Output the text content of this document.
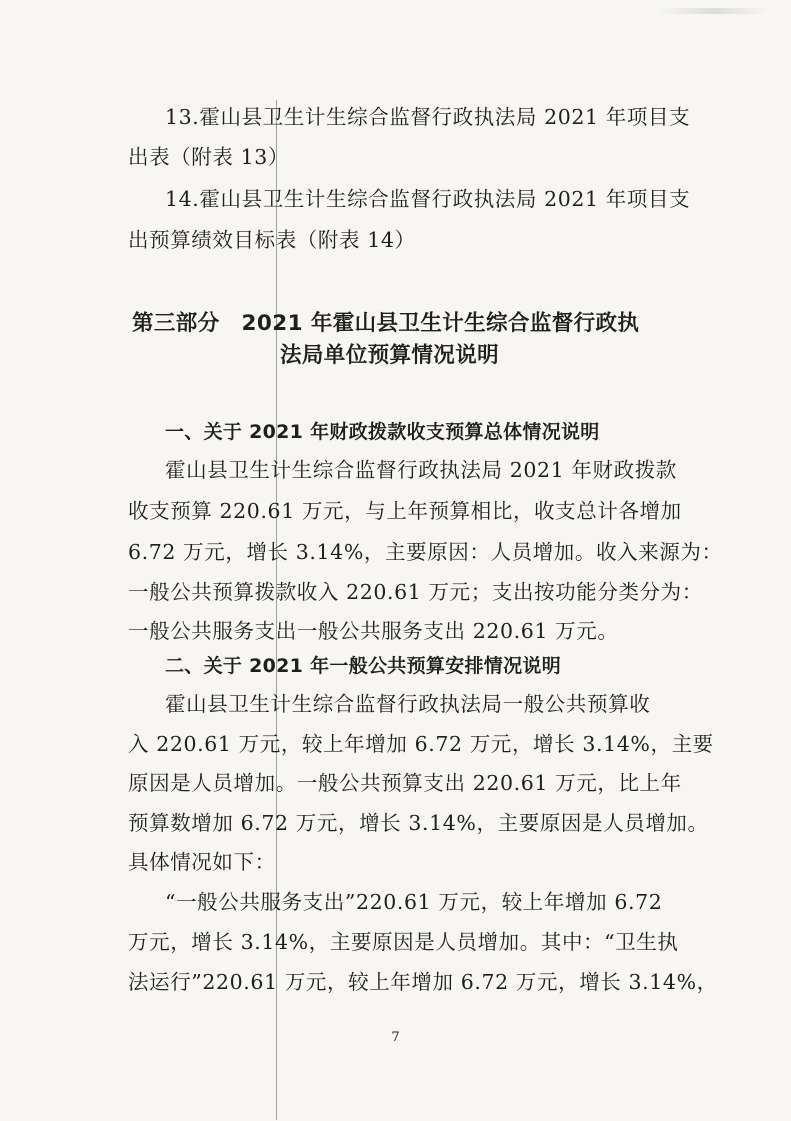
13.霍山县卫生计生综合监督行政执法局 2021 年项目支
出表（附表 13）
14.霍山县卫生计生综合监督行政执法局 2021 年项目支
出预算绩效目标表（附表 14）
第三部分　2021 年霍山县卫生计生综合监督行政执
法局单位预算情况说明
一、关于 2021 年财政拨款收支预算总体情况说明
霍山县卫生计生综合监督行政执法局 2021 年财政拨款
收支预算 220.61 万元，与上年预算相比，收支总计各增加
6.72 万元，增长 3.14%，主要原因：人员增加。收入来源为：
一般公共预算拨款收入 220.61 万元；支出按功能分类分为：
一般公共服务支出一般公共服务支出 220.61 万元。
二、关于 2021 年一般公共预算安排情况说明
霍山县卫生计生综合监督行政执法局一般公共预算收
入 220.61 万元，较上年增加 6.72 万元，增长 3.14%，主要
原因是人员增加。一般公共预算支出 220.61 万元，比上年
预算数增加 6.72 万元，增长 3.14%，主要原因是人员增加。
具体情况如下：
“一般公共服务支出”220.61 万元，较上年增加 6.72
万元，增长 3.14%，主要原因是人员增加。其中：“卫生执
法运行”220.61 万元，较上年增加 6.72 万元，增长 3.14%，
7
